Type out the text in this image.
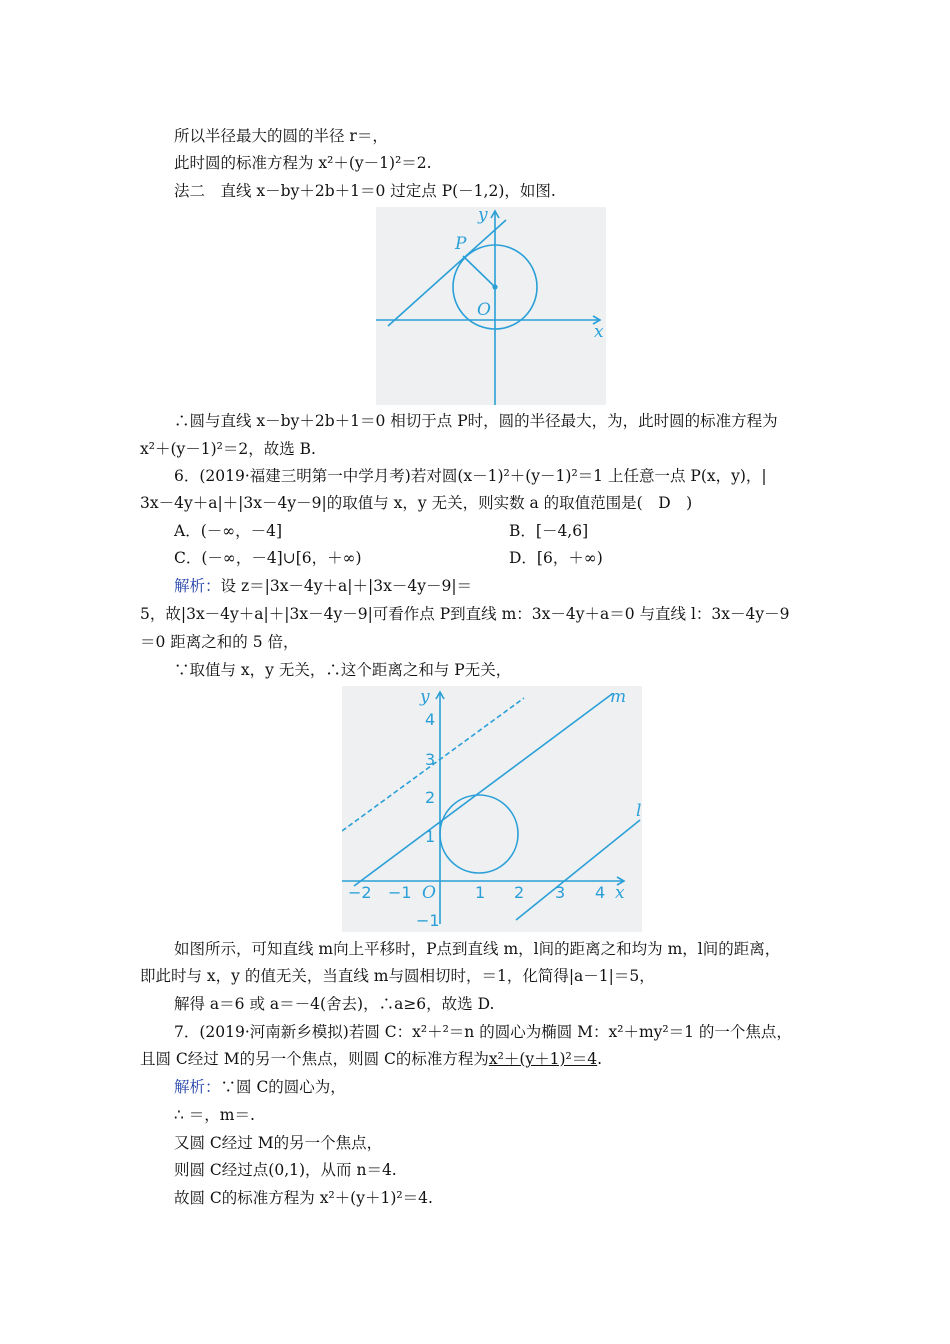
所以半径最大的圆的半径 r＝，
此时圆的标准方程为 x²＋(y－1)²＝2.
法二　直线 x－by＋2b＋1＝0 过定点 P(－1,2)，如图.
y
x
P
O
∴圆与直线 x－by＋2b＋1＝0 相切于点 P时，圆的半径最大，为，此时圆的标准方程为
x²＋(y－1)²＝2，故选 B.
6．(2019·福建三明第一中学月考)若对圆(x－1)²＋(y－1)²＝1 上任意一点 P(x，y)，|
3x－4y＋a|＋|3x－4y－9|的取值与 x，y 无关，则实数 a 的取值范围是(　D　)
A．(－∞，－4]	B．[－4,6]
C．(－∞，－4]∪[6，＋∞)	D．[6，＋∞)
解析：设 z＝|3x－4y＋a|＋|3x－4y－9|＝
5，故|3x－4y＋a|＋|3x－4y－9|可看作点 P到直线 m：3x－4y＋a＝0 与直线 l：3x－4y－9
＝0 距离之和的 5 倍，
∵取值与 x，y 无关，∴这个距离之和与 P无关，
4
3
2
1
−1
−2 −1	1 2 3 4
O
y
x
m
l
如图所示，可知直线 m向上平移时，P点到直线 m，l间的距离之和均为 m，l间的距离，
即此时与 x，y 的值无关，当直线 m与圆相切时，＝1，化简得|a－1|＝5，
解得 a＝6 或 a＝－4(舍去)，∴a≥6，故选 D.
7．(2019·河南新乡模拟)若圆 C：x²＋²＝n 的圆心为椭圆 M：x²＋my²＝1 的一个焦点，
且圆 C经过 M的另一个焦点，则圆 C的标准方程为x²＋(y＋1)²＝4.
解析：∵圆 C的圆心为，
∴ ＝，m＝.
又圆 C经过 M的另一个焦点，
则圆 C经过点(0,1)，从而 n＝4.
故圆 C的标准方程为 x²＋(y＋1)²＝4.
